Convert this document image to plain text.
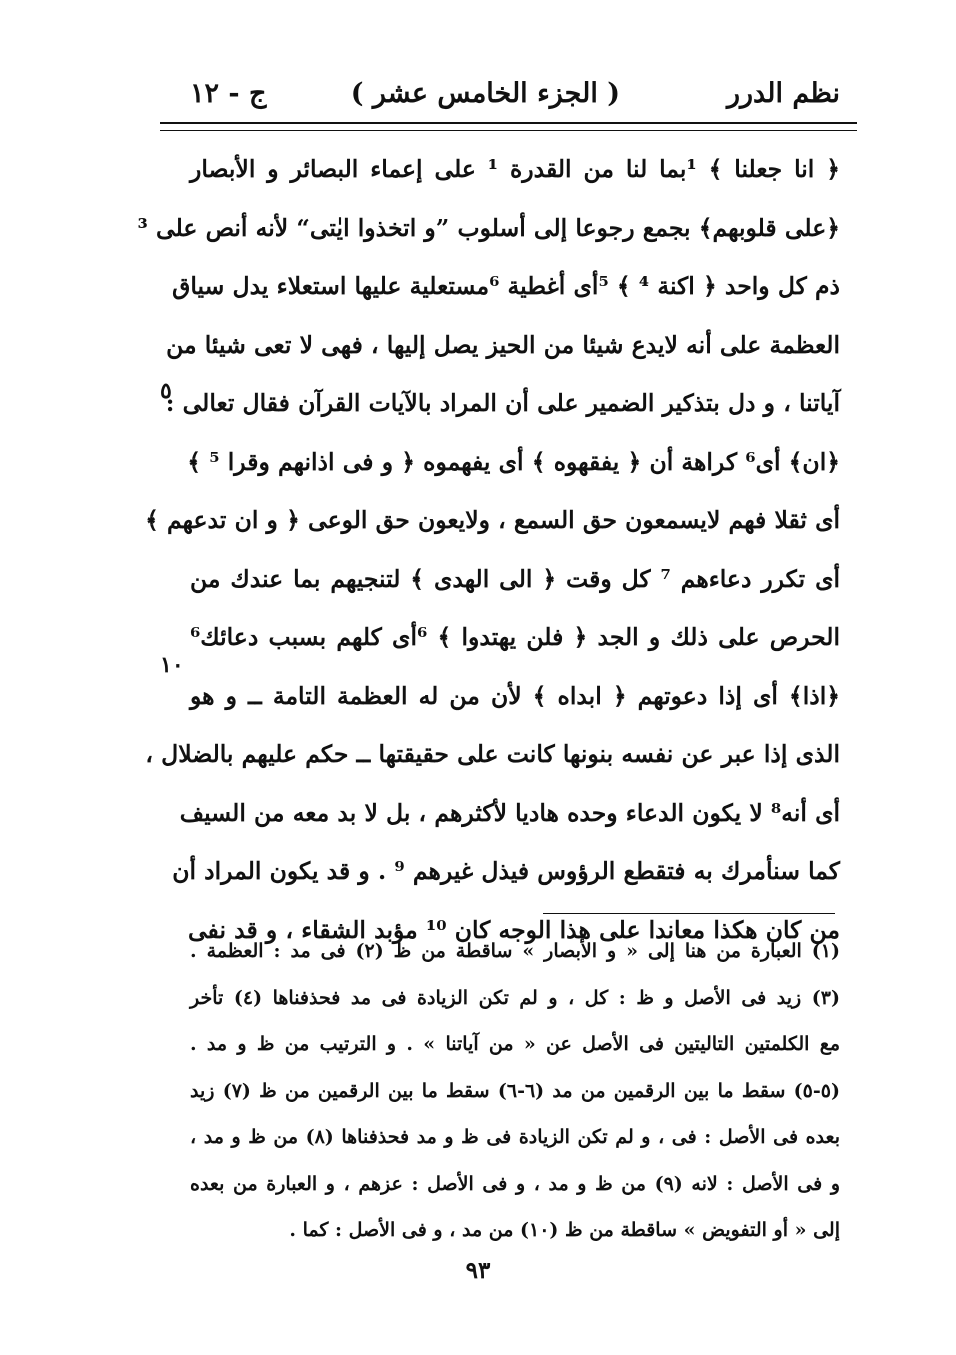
نظم الدرر
( الجزء الخامس عشر )
ج - ١٢
﴿ انا جعلنا ﴾ ¹بما لنا من القدرة ¹ على إعماء البصائر و الأبصار
﴿على قلوبهم﴾ بجمع رجوعا إلى أسلوب ”و اتخذوا ايٰتى“ لأنه أنص على ³
ذم كل واحد ﴿ اكنة ⁴ ﴾ ⁵أى أغطية ⁶مستعلية عليها استعلاء يدل سياق
العظمة على أنه لايدع شيئا من الحيز يصل إليها ، فهى لا تعى شيئا من
آياتنا ، و دل بتذكير الضمير على أن المراد بالآيات القرآن فقال تعالى :
﴿ان﴾ أى⁶ كراهة أن ﴿ يفقهوه ﴾ أى يفهموه ﴿ و فى اذانهم وقرا ⁵ ﴾
أى ثقلا فهم لايسمعون حق السمع ، ولايعون حق الوعى ﴿ و ان تدعهم ﴾
أى تكرر دعاءهم ⁷ كل وقت ﴿ الى الهدى ﴾ لتنجيهم بما عندك من
الحرص على ذلك و الجد ﴿ فلن يهتدوا ﴾ ⁶أى كلهم بسبب دعائك⁶
﴿اذا﴾ أى إذا دعوتهم ﴿ ابداه ﴾ لأن من له العظمة التامة ــ و هو
الذى إذا عبر عن نفسه بنونها كانت على حقيقتها ــ حكم عليهم بالضلال ،
أى أنه⁸ لا يكون الدعاء وحده هاديا لأكثرهم ، بل لا بد معه من السيف
كما سنأمرك به فتقطع الرؤوس فيذل غيرهم ⁹ . و قد يكون المراد أن
من كان هكذا معاندا على هذا الوجه كان ¹⁰ مؤبد الشقاء ، و قد نفى
٥
١٠
(١) العبارة من هنا إلى « و الأبصار » ساقطة من ظ (٢) فى مد : العظمة .
(٣) زيد فى الأصل و ظ : كل ، و لم تكن الزيادة فى مد فحذفناها (٤) تأخر
مع الكلمتين التاليتين فى الأصل عن « من آياتنا » . و الترتيب من ظ و مد .
(٥-٥) سقط ما بين الرقمين من مد (٦-٦) سقط ما بين الرقمين من ظ (٧) زيد
بعده فى الأصل : فى ، و لم تكن الزيادة فى ظ و مد فحذفناها (٨) من ظ و مد ،
و فى الأصل : لانه (٩) من ظ و مد ، و فى الأصل : عزهم ، و العبارة من بعده
إلى « أو التفويض » ساقطة من ظ (١٠) من مد ، و فى الأصل : كما .
٩٣
